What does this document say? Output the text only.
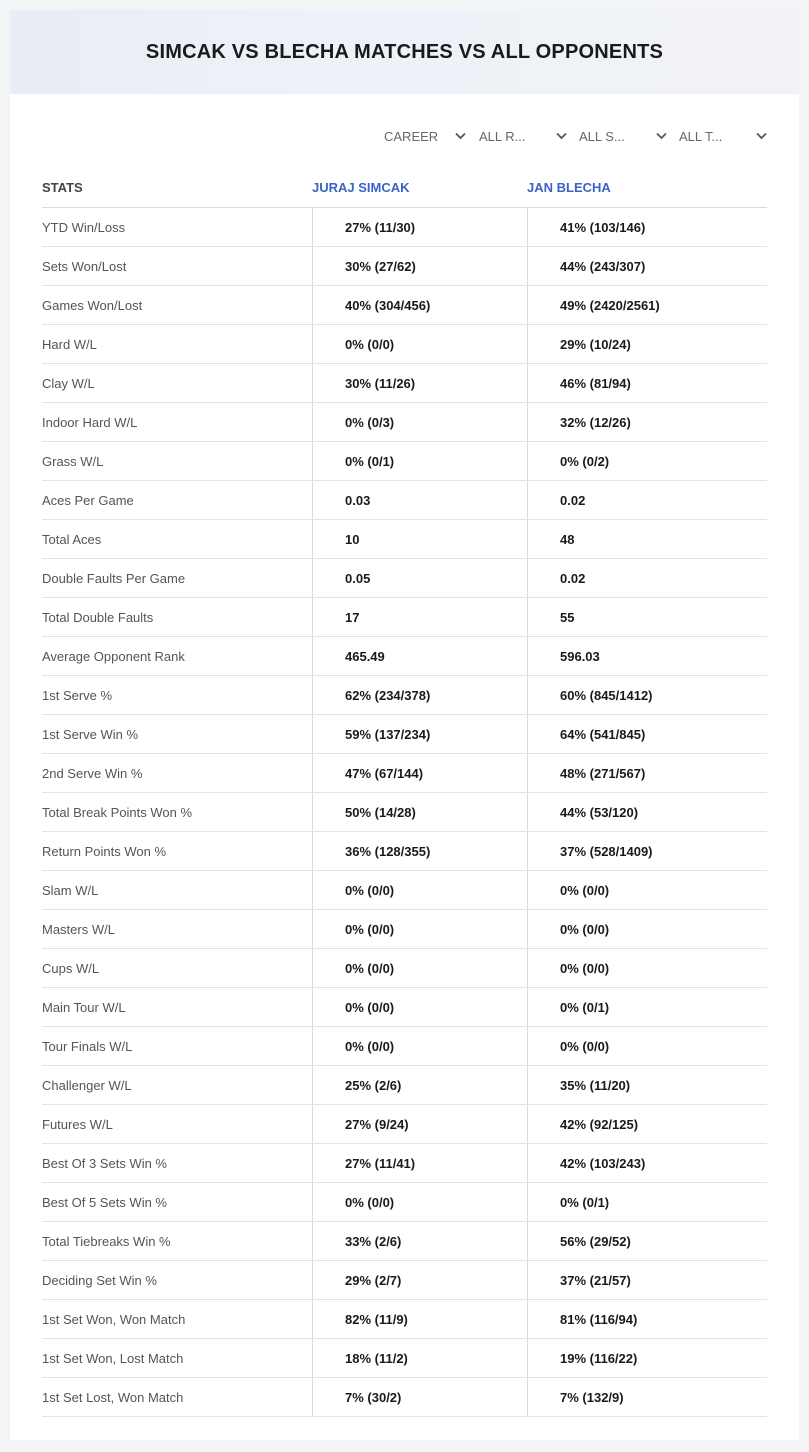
SIMCAK VS BLECHA MATCHES VS ALL OPPONENTS
CAREER	ALL R...	ALL S...	ALL T...
STATS	JURAJ SIMCAK	JAN BLECHA
YTD Win/Loss	27% (11/30)	41% (103/146)
Sets Won/Lost	30% (27/62)	44% (243/307)
Games Won/Lost	40% (304/456)	49% (2420/2561)
Hard W/L	0% (0/0)	29% (10/24)
Clay W/L	30% (11/26)	46% (81/94)
Indoor Hard W/L	0% (0/3)	32% (12/26)
Grass W/L	0% (0/1)	0% (0/2)
Aces Per Game	0.03	0.02
Total Aces	10	48
Double Faults Per Game	0.05	0.02
Total Double Faults	17	55
Average Opponent Rank	465.49	596.03
1st Serve %	62% (234/378)	60% (845/1412)
1st Serve Win %	59% (137/234)	64% (541/845)
2nd Serve Win %	47% (67/144)	48% (271/567)
Total Break Points Won %	50% (14/28)	44% (53/120)
Return Points Won %	36% (128/355)	37% (528/1409)
Slam W/L	0% (0/0)	0% (0/0)
Masters W/L	0% (0/0)	0% (0/0)
Cups W/L	0% (0/0)	0% (0/0)
Main Tour W/L	0% (0/0)	0% (0/1)
Tour Finals W/L	0% (0/0)	0% (0/0)
Challenger W/L	25% (2/6)	35% (11/20)
Futures W/L	27% (9/24)	42% (92/125)
Best Of 3 Sets Win %	27% (11/41)	42% (103/243)
Best Of 5 Sets Win %	0% (0/0)	0% (0/1)
Total Tiebreaks Win %	33% (2/6)	56% (29/52)
Deciding Set Win %	29% (2/7)	37% (21/57)
1st Set Won, Won Match	82% (11/9)	81% (116/94)
1st Set Won, Lost Match	18% (11/2)	19% (116/22)
1st Set Lost, Won Match	7% (30/2)	7% (132/9)
